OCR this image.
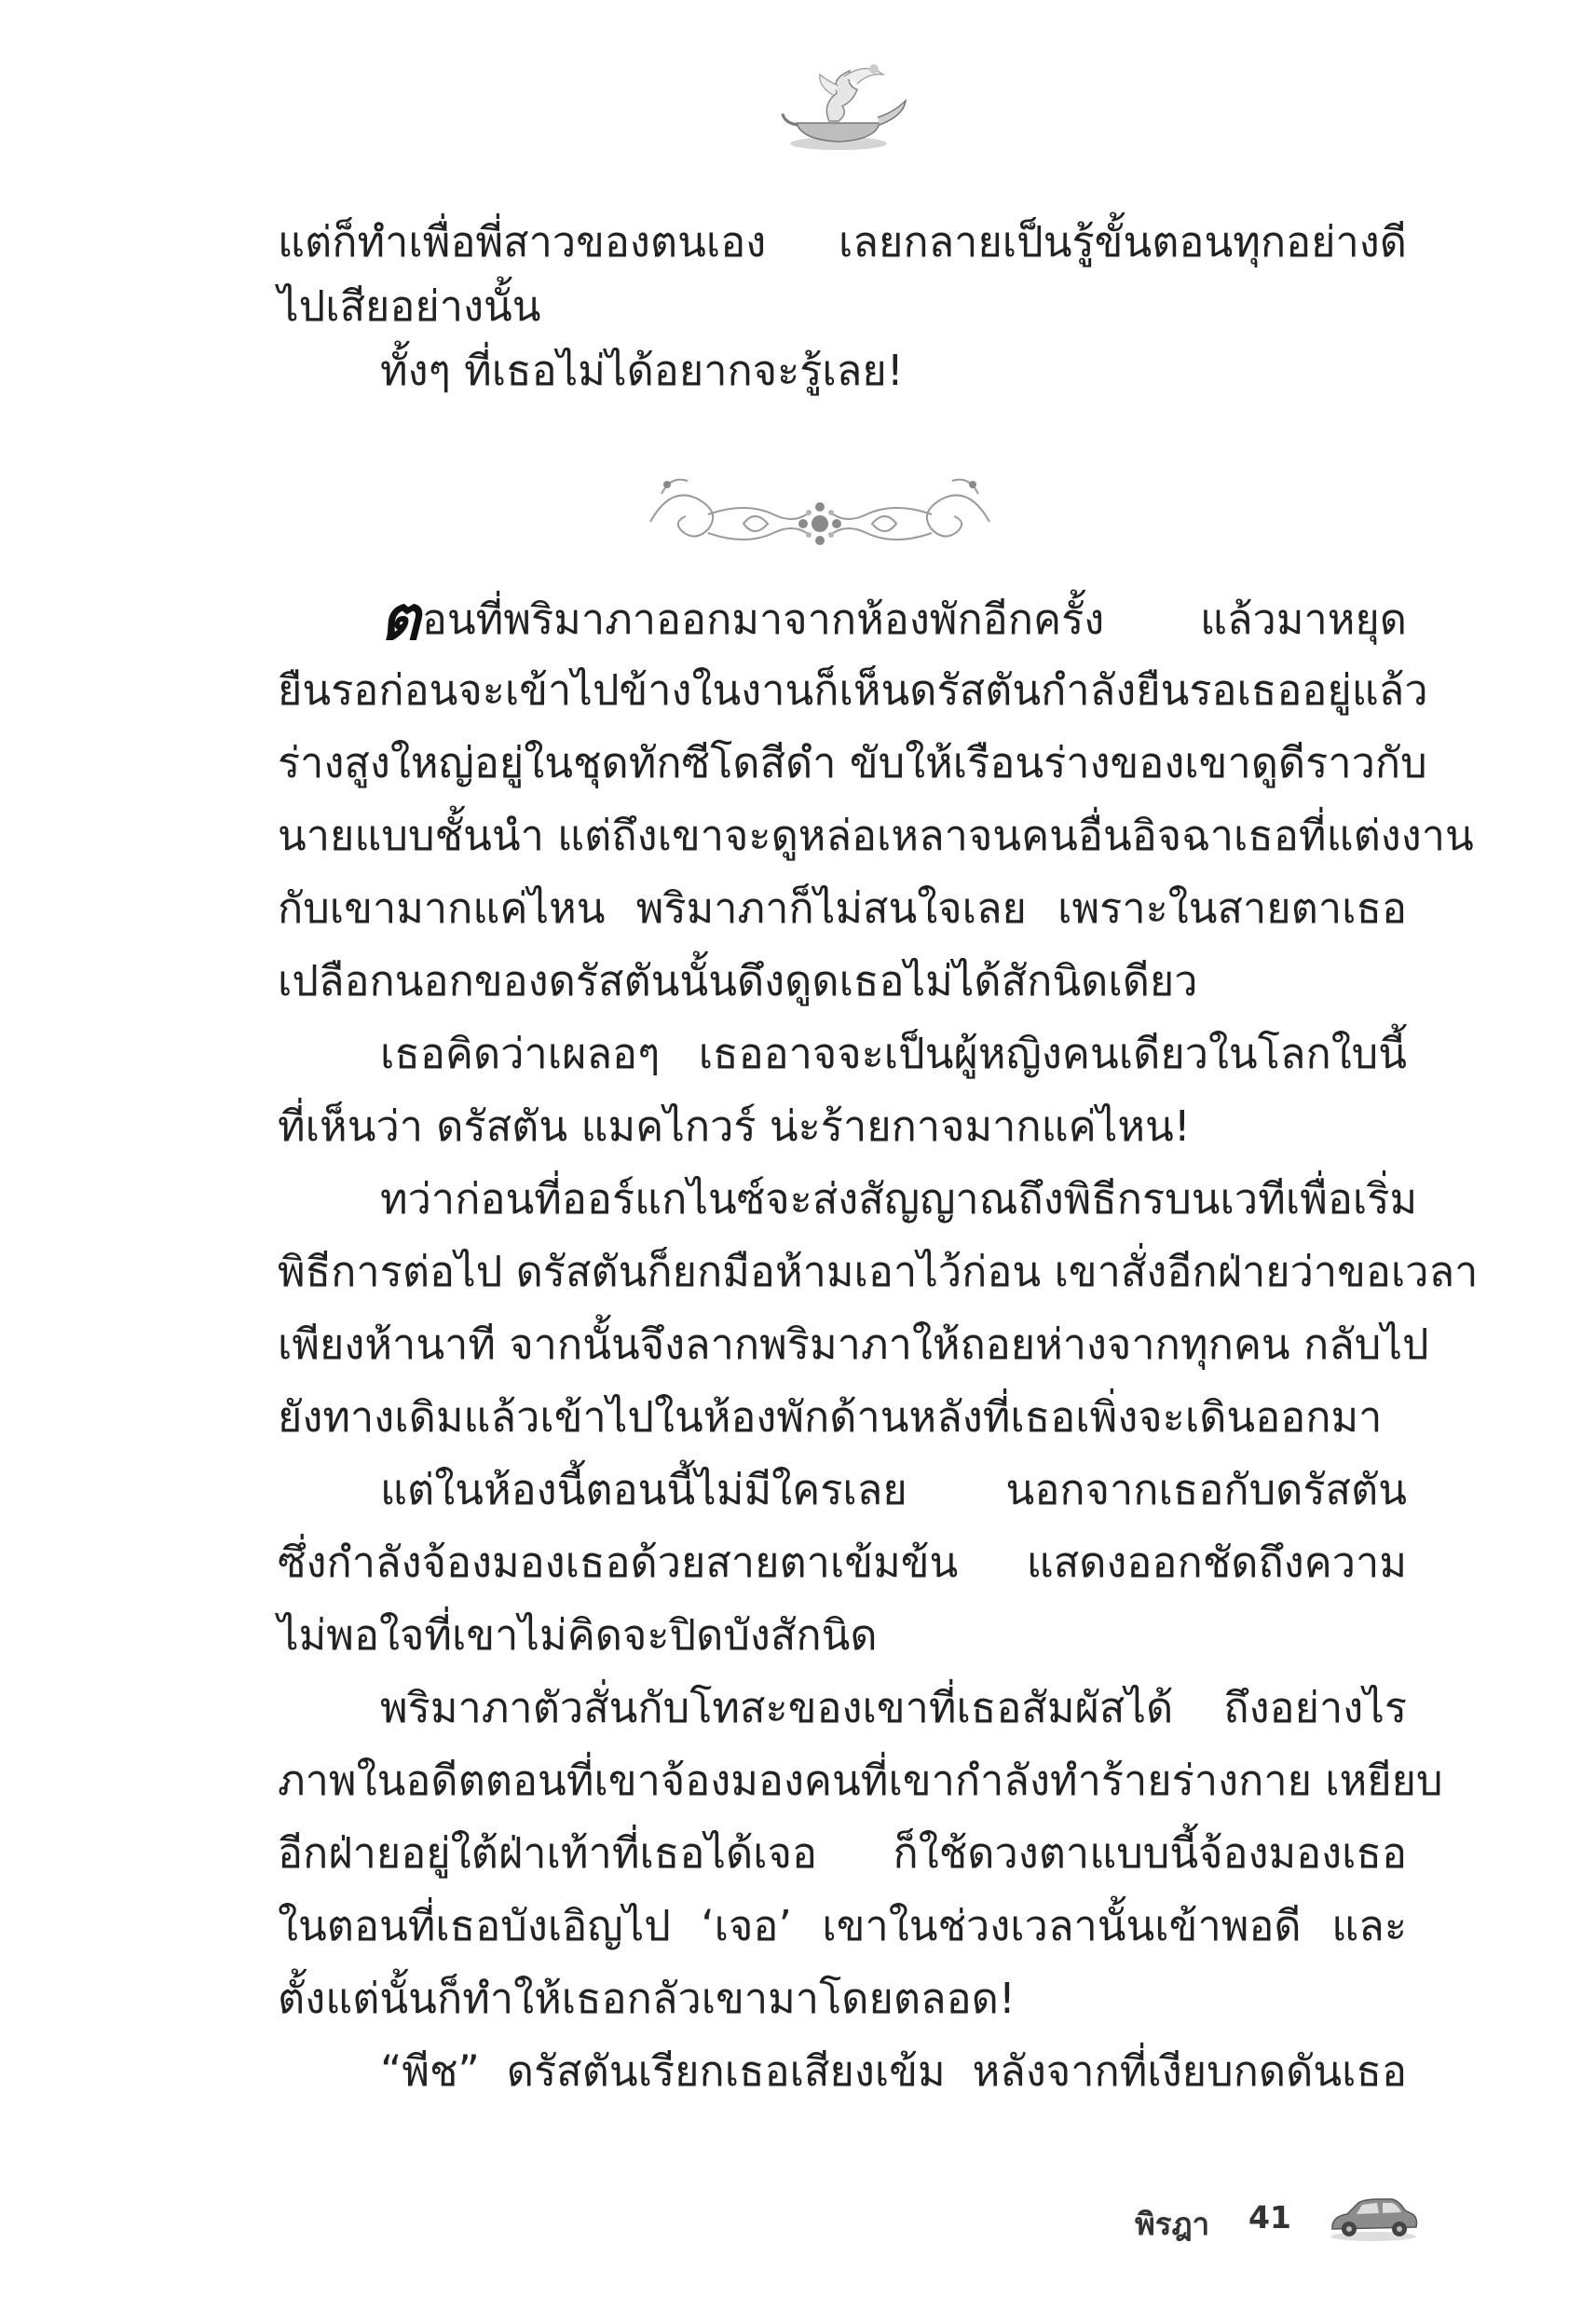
แต่ก็ทำเพื่อพี่สาวของตนเอง เลยกลายเป็นรู้ขั้นตอนทุกอย่างดี
ไปเสียอย่างนั้น
ทั้งๆ ที่เธอไม่ได้อยากจะรู้เลย!
ตอนที่พริมาภาออกมาจากห้องพักอีกครั้ง แล้วมาหยุด
ยืนรอก่อนจะเข้าไปข้างในงานก็เห็นดรัสตันกำลังยืนรอเธออยู่แล้ว
ร่างสูงใหญ่อยู่ในชุดทักซีโดสีดำ ขับให้เรือนร่างของเขาดูดีราวกับ
นายแบบชั้นนำ แต่ถึงเขาจะดูหล่อเหลาจนคนอื่นอิจฉาเธอที่แต่งงาน
กับเขามากแค่ไหน พริมาภาก็ไม่สนใจเลย เพราะในสายตาเธอ
เปลือกนอกของดรัสตันนั้นดึงดูดเธอไม่ได้สักนิดเดียว
เธอคิดว่าเผลอๆ เธออาจจะเป็นผู้หญิงคนเดียวในโลกใบนี้
ที่เห็นว่า ดรัสตัน แมคไกวร์ น่ะร้ายกาจมากแค่ไหน!
ทว่าก่อนที่ออร์แกไนซ์จะส่งสัญญาณถึงพิธีกรบนเวทีเพื่อเริ่ม
พิธีการต่อไป ดรัสตันก็ยกมือห้ามเอาไว้ก่อน เขาสั่งอีกฝ่ายว่าขอเวลา
เพียงห้านาที จากนั้นจึงลากพริมาภาให้ถอยห่างจากทุกคน กลับไป
ยังทางเดิมแล้วเข้าไปในห้องพักด้านหลังที่เธอเพิ่งจะเดินออกมา
แต่ในห้องนี้ตอนนี้ไม่มีใครเลย นอกจากเธอกับดรัสตัน
ซึ่งกำลังจ้องมองเธอด้วยสายตาเข้มข้น แสดงออกชัดถึงความ
ไม่พอใจที่เขาไม่คิดจะปิดบังสักนิด
พริมาภาตัวสั่นกับโทสะของเขาที่เธอสัมผัสได้ ถึงอย่างไร
ภาพในอดีตตอนที่เขาจ้องมองคนที่เขากำลังทำร้ายร่างกาย เหยียบ
อีกฝ่ายอยู่ใต้ฝ่าเท้าที่เธอได้เจอ ก็ใช้ดวงตาแบบนี้จ้องมองเธอ
ในตอนที่เธอบังเอิญไป ‘เจอ’ เขาในช่วงเวลานั้นเข้าพอดี และ
ตั้งแต่นั้นก็ทำให้เธอกลัวเขามาโดยตลอด!
“พีช” ดรัสตันเรียกเธอเสียงเข้ม หลังจากที่เงียบกดดันเธอ
พิรฎา 41
